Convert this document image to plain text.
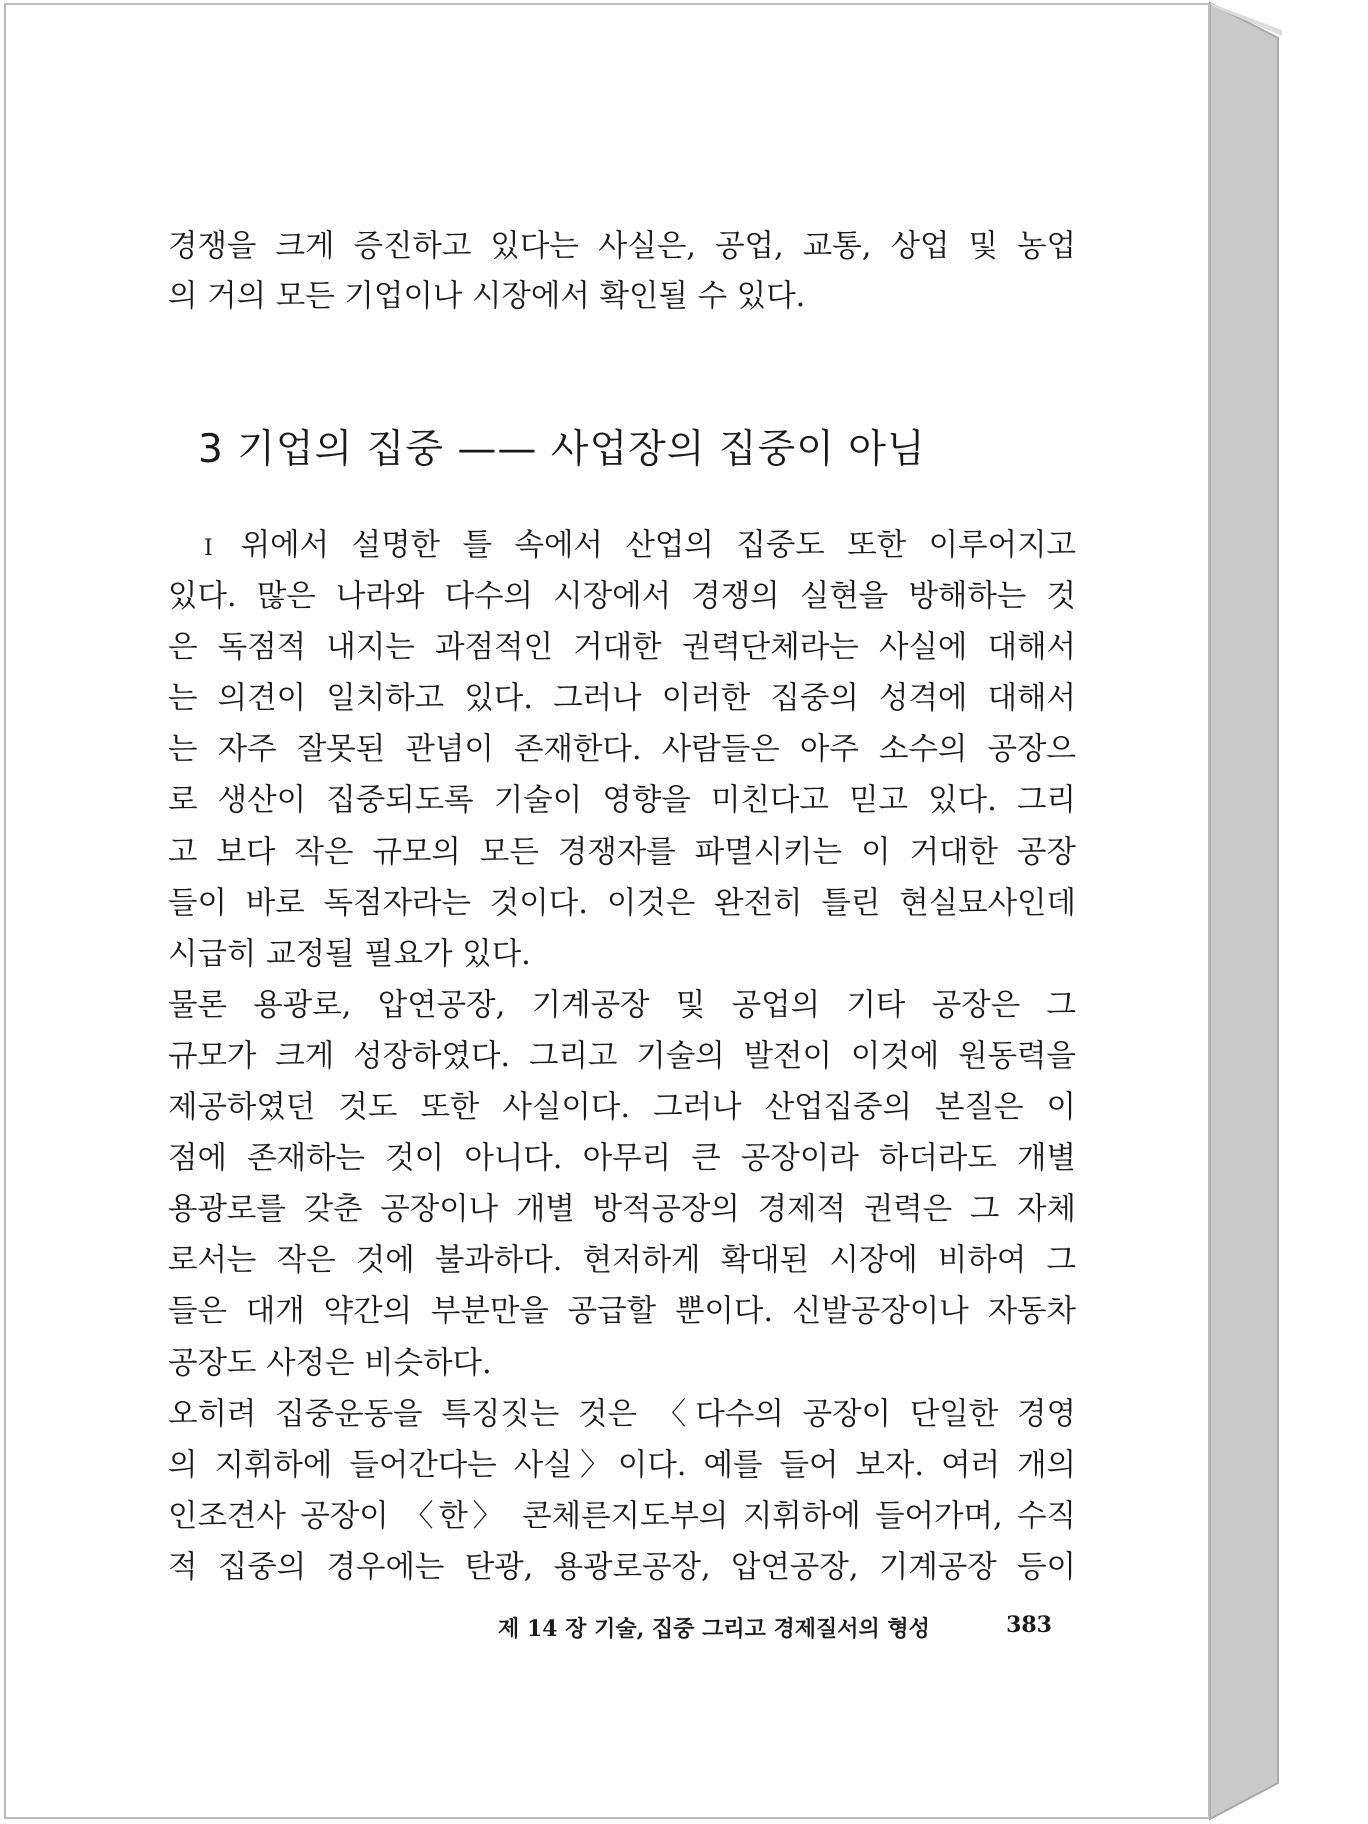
경쟁을 크게 증진하고 있다는 사실은, 공업, 교통, 상업 및 농업
의 거의 모든 기업이나 시장에서 확인될 수 있다.
3 기업의 집중 —— 사업장의 집중이 아님
I 위에서 설명한 틀 속에서 산업의 집중도 또한 이루어지고
있다. 많은 나라와 다수의 시장에서 경쟁의 실현을 방해하는 것
은 독점적 내지는 과점적인 거대한 권력단체라는 사실에 대해서
는 의견이 일치하고 있다. 그러나 이러한 집중의 성격에 대해서
는 자주 잘못된 관념이 존재한다. 사람들은 아주 소수의 공장으
로 생산이 집중되도록 기술이 영향을 미친다고 믿고 있다. 그리
고 보다 작은 규모의 모든 경쟁자를 파멸시키는 이 거대한 공장
들이 바로 독점자라는 것이다. 이것은 완전히 틀린 현실묘사인데
시급히 교정될 필요가 있다.
물론 용광로, 압연공장, 기계공장 및 공업의 기타 공장은 그
규모가 크게 성장하였다. 그리고 기술의 발전이 이것에 원동력을
제공하였던 것도 또한 사실이다. 그러나 산업집중의 본질은 이
점에 존재하는 것이 아니다. 아무리 큰 공장이라 하더라도 개별
용광로를 갖춘 공장이나 개별 방적공장의 경제적 권력은 그 자체
로서는 작은 것에 불과하다. 현저하게 확대된 시장에 비하여 그
들은 대개 약간의 부분만을 공급할 뿐이다. 신발공장이나 자동차
공장도 사정은 비슷하다.
오히려 집중운동을 특징짓는 것은 〈다수의 공장이 단일한 경영
의 지휘하에 들어간다는 사실〉이다. 예를 들어 보자. 여러 개의
인조견사 공장이 〈한〉 콘체른지도부의 지휘하에 들어가며, 수직
적 집중의 경우에는 탄광, 용광로공장, 압연공장, 기계공장 등이
제 14 장 기술, 집중 그리고 경제질서의 형성	383
